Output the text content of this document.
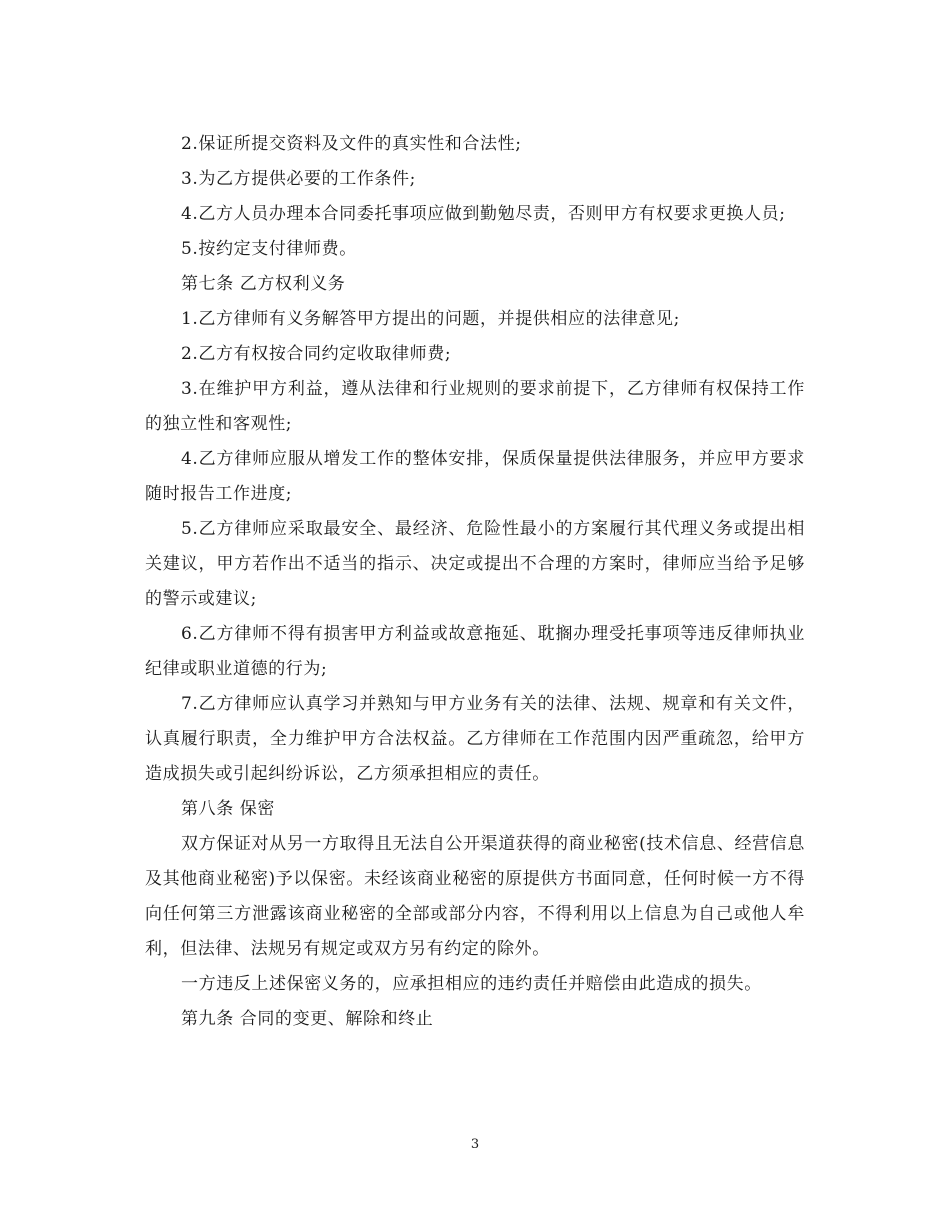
2.保证所提交资料及文件的真实性和合法性;

3.为乙方提供必要的工作条件;

4.乙方人员办理本合同委托事项应做到勤勉尽责，否则甲方有权要求更换人员;

5.按约定支付律师费。

第七条 乙方权利义务

1.乙方律师有义务解答甲方提出的问题，并提供相应的法律意见;

2.乙方有权按合同约定收取律师费;

3.在维护甲方利益，遵从法律和行业规则的要求前提下，乙方律师有权保持工作的独立性和客观性;

4.乙方律师应服从增发工作的整体安排，保质保量提供法律服务，并应甲方要求随时报告工作进度;

5.乙方律师应采取最安全、最经济、危险性最小的方案履行其代理义务或提出相关建议，甲方若作出不适当的指示、决定或提出不合理的方案时，律师应当给予足够的警示或建议;

6.乙方律师不得有损害甲方利益或故意拖延、耽搁办理受托事项等违反律师执业纪律或职业道德的行为;

7.乙方律师应认真学习并熟知与甲方业务有关的法律、法规、规章和有关文件，认真履行职责，全力维护甲方合法权益。乙方律师在工作范围内因严重疏忽，给甲方造成损失或引起纠纷诉讼，乙方须承担相应的责任。

第八条 保密

双方保证对从另一方取得且无法自公开渠道获得的商业秘密(技术信息、经营信息及其他商业秘密)予以保密。未经该商业秘密的原提供方书面同意，任何时候一方不得向任何第三方泄露该商业秘密的全部或部分内容，不得利用以上信息为自己或他人牟利，但法律、法规另有规定或双方另有约定的除外。

一方违反上述保密义务的，应承担相应的违约责任并赔偿由此造成的损失。

第九条 合同的变更、解除和终止

3
